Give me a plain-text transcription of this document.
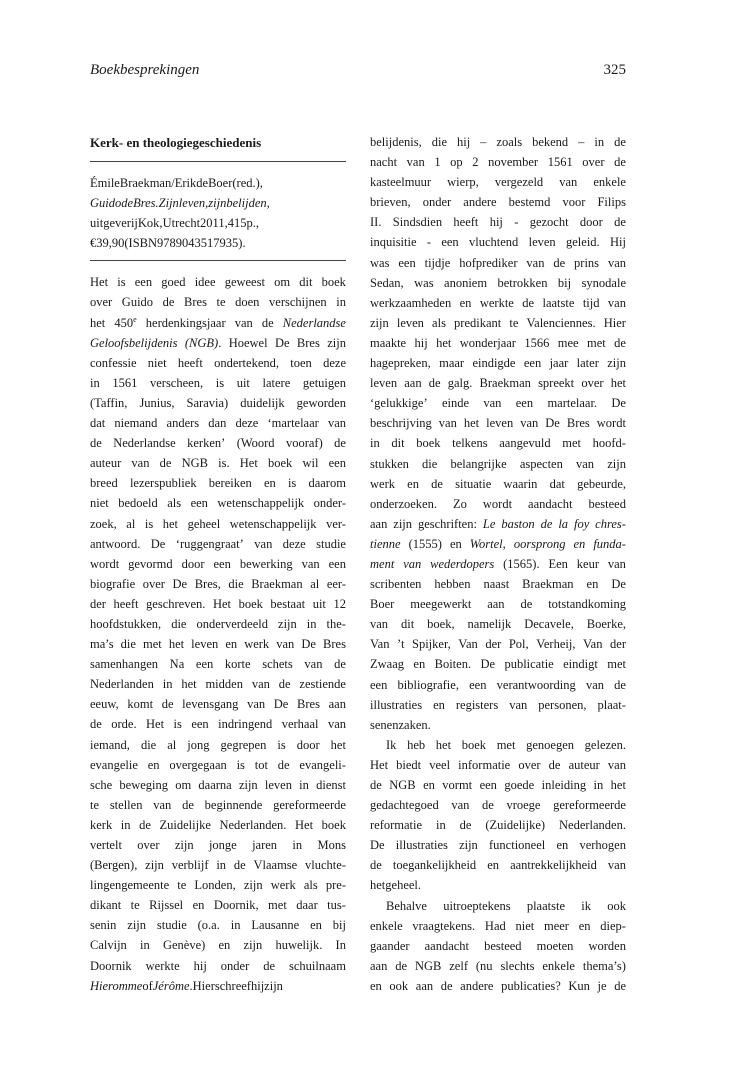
Boekbesprekingen	325
Kerk- en theologiegeschiedenis
Émile Braekman / Erik de Boer (red.),
Guido de Bres. Zijn leven, zijn belijden,
uitgeverij Kok, Utrecht 2011, 415 p.,
€ 39,90 (ISBN 9789043517935).
Het is een goed idee geweest om dit boek
over Guido de Bres te doen verschijnen in
het 450e herdenkingsjaar van de Nederlandse
Geloofsbelijdenis (NGB). Hoewel De Bres zijn
confessie niet heeft ondertekend, toen deze
in 1561 verscheen, is uit latere getuigen
(Taffin, Junius, Saravia) duidelijk geworden
dat niemand anders dan deze ‘martelaar van
de Nederlandse kerken’ (Woord vooraf) de
auteur van de NGB is. Het boek wil een
breed lezerspubliek bereiken en is daarom
niet bedoeld als een wetenschappelijk onder-
zoek, al is het geheel wetenschappelijk ver-
antwoord. De ‘ruggengraat’ van deze studie
wordt gevormd door een bewerking van een
biografie over De Bres, die Braekman al eer-
der heeft geschreven. Het boek bestaat uit 12
hoofdstukken, die onderverdeeld zijn in the-
ma’s die met het leven en werk van De Bres
samenhangen Na een korte schets van de
Nederlanden in het midden van de zestiende
eeuw, komt de levensgang van De Bres aan
de orde. Het is een indringend verhaal van
iemand, die al jong gegrepen is door het
evangelie en overgegaan is tot de evangeli-
sche beweging om daarna zijn leven in dienst
te stellen van de beginnende gereformeerde
kerk in de Zuidelijke Nederlanden. Het boek
vertelt over zijn jonge jaren in Mons
(Bergen), zijn verblijf in de Vlaamse vluchte-
lingengemeente te Londen, zijn werk als pre-
dikant te Rijssel en Doornik, met daar tus-
senin zijn studie (o.a. in Lausanne en bij
Calvijn in Genève) en zijn huwelijk. In
Doornik werkte hij onder de schuilnaam
Hieromme of Jérôme. Hier schreef hij zijn
belijdenis, die hij – zoals bekend – in de
nacht van 1 op 2 november 1561 over de
kasteelmuur wierp, vergezeld van enkele
brieven, onder andere bestemd voor Filips
II. Sindsdien heeft hij - gezocht door de
inquisitie - een vluchtend leven geleid. Hij
was een tijdje hofprediker van de prins van
Sedan, was anoniem betrokken bij synodale
werkzaamheden en werkte de laatste tijd van
zijn leven als predikant te Valenciennes. Hier
maakte hij het wonderjaar 1566 mee met de
hagepreken, maar eindigde een jaar later zijn
leven aan de galg. Braekman spreekt over het
‘gelukkige’ einde van een martelaar. De
beschrijving van het leven van De Bres wordt
in dit boek telkens aangevuld met hoofd-
stukken die belangrijke aspecten van zijn
werk en de situatie waarin dat gebeurde,
onderzoeken. Zo wordt aandacht besteed
aan zijn geschriften: Le baston de la foy chres-
tienne (1555) en Wortel, oorsprong en funda-
ment van wederdopers (1565). Een keur van
scribenten hebben naast Braekman en De
Boer meegewerkt aan de totstandkoming
van dit boek, namelijk Decavele, Boerke,
Van ’t Spijker, Van der Pol, Verheij, Van der
Zwaag en Boiten. De publicatie eindigt met
een bibliografie, een verantwoording van de
illustraties en registers van personen, plaat-
sen en zaken.
Ik heb het boek met genoegen gelezen.
Het biedt veel informatie over de auteur van
de NGB en vormt een goede inleiding in het
gedachtegoed van de vroege gereformeerde
reformatie in de (Zuidelijke) Nederlanden.
De illustraties zijn functioneel en verhogen
de toegankelijkheid en aantrekkelijkheid van
het geheel.
Behalve uitroeptekens plaatste ik ook
enkele vraagtekens. Had niet meer en diep-
gaander aandacht besteed moeten worden
aan de NGB zelf (nu slechts enkele thema’s)
en ook aan de andere publicaties? Kun je de
